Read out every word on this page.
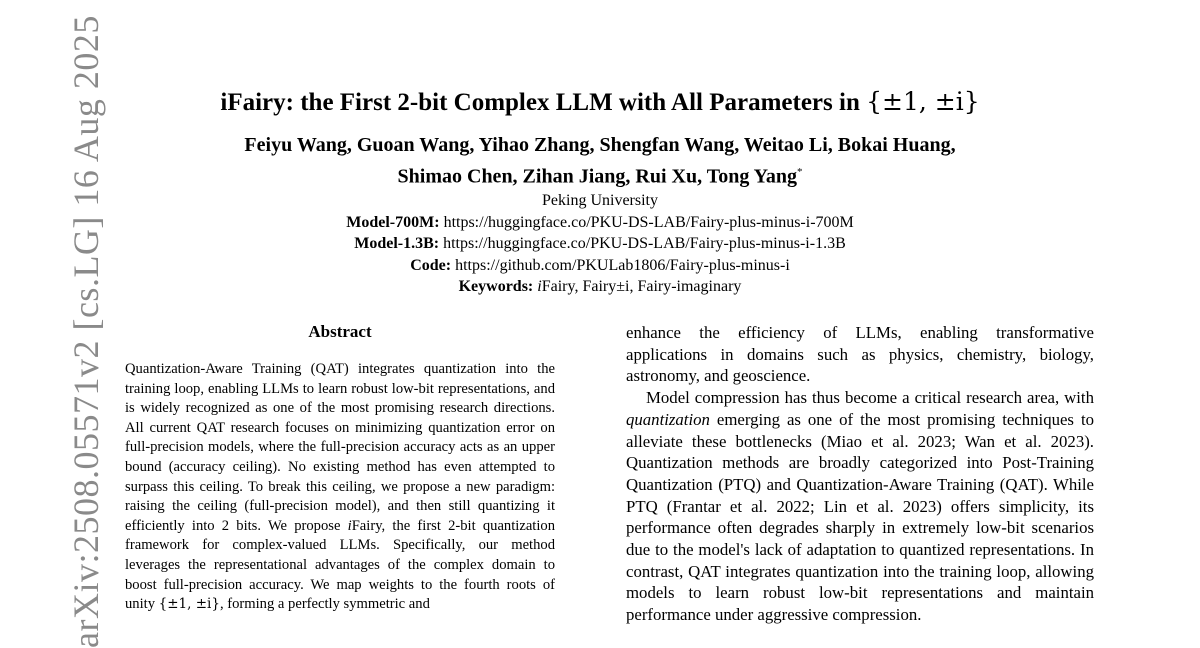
iFairy: the First 2-bit Complex LLM with All Parameters in {±1, ±i}
Feiyu Wang, Guoan Wang, Yihao Zhang, Shengfan Wang, Weitao Li, Bokai Huang,
Shimao Chen, Zihan Jiang, Rui Xu, Tong Yang*
Peking University
Model-700M: https://huggingface.co/PKU-DS-LAB/Fairy-plus-minus-i-700M
Model-1.3B: https://huggingface.co/PKU-DS-LAB/Fairy-plus-minus-i-1.3B
Code: https://github.com/PKULab1806/Fairy-plus-minus-i
Keywords: iFairy, Fairy±i, Fairy-imaginary
arXiv:2508.05571v2 [cs.LG] 16 Aug 2025	Abstract

Quantization-Aware Training (QAT) integrates quantization into the training loop, enabling LLMs to learn robust low-bit representations, and is widely recognized as one of the most promising research directions. All current QAT research focuses on minimizing quantization error on full-precision models, where the full-precision accuracy acts as an upper bound (accuracy ceiling). No existing method has even attempted to surpass this ceiling. To break this ceiling, we propose a new paradigm: raising the ceiling (full-precision model), and then still quantizing it efficiently into 2 bits. We propose iFairy, the first 2-bit quantization framework for complex-valued LLMs. Specifically, our method leverages the representational advantages of the complex domain to boost full-precision accuracy. We map weights to the fourth roots of unity {±1, ±i}, forming a perfectly symmetric and

enhance the efficiency of LLMs, enabling transformative applications in domains such as physics, chemistry, biology, astronomy, and geoscience.

Model compression has thus become a critical research area, with quantization emerging as one of the most promising techniques to alleviate these bottlenecks (Miao et al. 2023; Wan et al. 2023). Quantization methods are broadly categorized into Post-Training Quantization (PTQ) and Quantization-Aware Training (QAT). While PTQ (Frantar et al. 2022; Lin et al. 2023) offers simplicity, its performance often degrades sharply in extremely low-bit scenarios due to the model's lack of adaptation to quantized representations. In contrast, QAT integrates quantization into the training loop, allowing models to learn robust low-bit representations and maintain performance under aggressive compression.
